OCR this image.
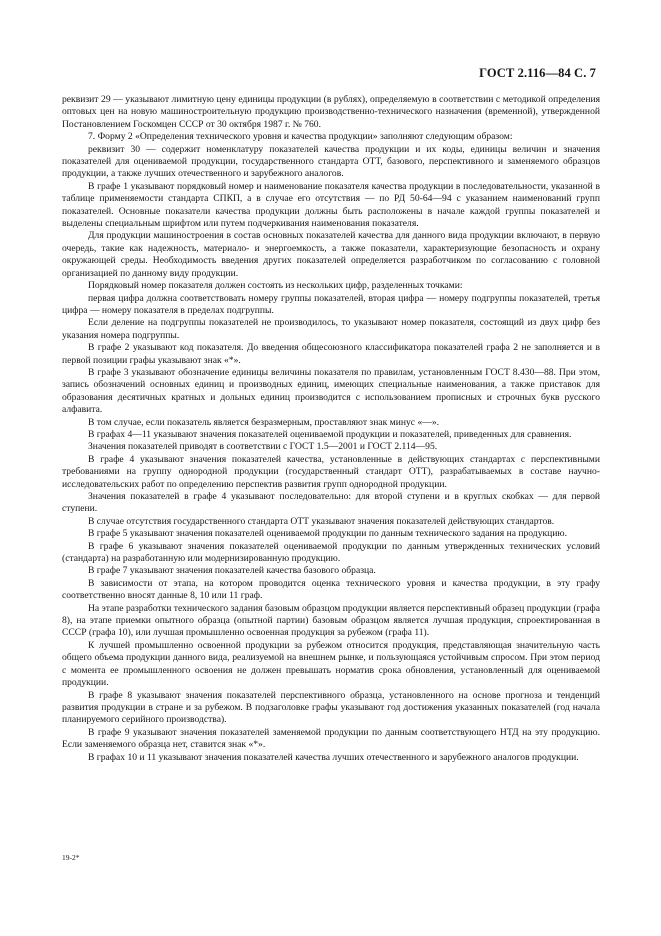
ГОСТ 2.116—84 С. 7

реквизит 29 — указывают лимитную цену единицы продукции (в рублях), определяемую в соответствии с методикой определения оптовых цен на новую машиностроительную продукцию производственно-технического назначения (временной), утвержденной Постановлением Госкомцен СССР от 30 октября 1987 г. № 760.

7. Форму 2 «Определения технического уровня и качества продукции» заполняют следующим образом:

реквизит 30 — содержит номенклатуру показателей качества продукции и их коды, единицы величин и значения показателей для оцениваемой продукции, государственного стандарта ОТТ, базового, перспективного и заменяемого образцов продукции, а также лучших отечественного и зарубежного аналогов.

В графе 1 указывают порядковый номер и наименование показателя качества продукции в последовательности, указанной в таблице применяемости стандарта СПКП, а в случае его отсутствия — по РД 50-64—94 с указанием наименований групп показателей. Основные показатели качества продукции должны быть расположены в начале каждой группы показателей и выделены специальным шрифтом или путем подчеркивания наименования показателя.

Для продукции машиностроения в состав основных показателей качества для данного вида продукции включают, в первую очередь, такие как надежность, материало- и энергоемкость, а также показатели, характеризующие безопасность и охрану окружающей среды. Необходимость введения других показателей определяется разработчиком по согласованию с головной организацией по данному виду продукции.

Порядковый номер показателя должен состоять из нескольких цифр, разделенных точками:

первая цифра должна соответствовать номеру группы показателей, вторая цифра — номеру подгруппы показателей, третья цифра — номеру показателя в пределах подгруппы.

Если деление на подгруппы показателей не производилось, то указывают номер показателя, состоящий из двух цифр без указания номера подгруппы.

В графе 2 указывают код показателя. До введения общесоюзного классификатора показателей графа 2 не заполняется и в первой позиции графы указывают знак «*».

В графе 3 указывают обозначение единицы величины показателя по правилам, установленным ГОСТ 8.430—88. При этом, запись обозначений основных единиц и производных единиц, имеющих специальные наименования, а также приставок для образования десятичных кратных и дольных единиц производится с использованием прописных и строчных букв русского алфавита.

В том случае, если показатель является безразмерным, проставляют знак минус «—».

В графах 4—11 указывают значения показателей оцениваемой продукции и показателей, приведенных для сравнения.

Значения показателей приводят в соответствии с ГОСТ 1.5—2001 и ГОСТ 2.114—95.

В графе 4 указывают значения показателей качества, установленные в действующих стандартах с перспективными требованиями на группу однородной продукции (государственный стандарт ОТТ), разрабатываемых в составе научно-исследовательских работ по определению перспектив развития групп однородной продукции.

Значения показателей в графе 4 указывают последовательно: для второй ступени и в круглых скобках — для первой ступени.

В случае отсутствия государственного стандарта ОТТ указывают значения показателей действующих стандартов.

В графе 5 указывают значения показателей оцениваемой продукции по данным технического задания на продукцию.

В графе 6 указывают значения показателей оцениваемой продукции по данным утвержденных технических условий (стандарта) на разработанную или модернизированную продукцию.

В графе 7 указывают значения показателей качества базового образца.

В зависимости от этапа, на котором проводится оценка технического уровня и качества продукции, в эту графу соответственно вносят данные 8, 10 или 11 граф.

На этапе разработки технического задания базовым образцом продукции является перспективный образец продукции (графа 8), на этапе приемки опытного образца (опытной партии) базовым образцом является лучшая продукция, спроектированная в СССР (графа 10), или лучшая промышленно освоенная продукция за рубежом (графа 11).

К лучшей промышленно освоенной продукции за рубежом относится продукция, представляющая значительную часть общего объема продукции данного вида, реализуемой на внешнем рынке, и пользующаяся устойчивым спросом. При этом период с момента ее промышленного освоения не должен превышать норматив срока обновления, установленный для оцениваемой продукции.

В графе 8 указывают значения показателей перспективного образца, установленного на основе прогноза и тенденций развития продукции в стране и за рубежом. В подзаголовке графы указывают год достижения указанных показателей (год начала планируемого серийного производства).

В графе 9 указывают значения показателей заменяемой продукции по данным соответствующего НТД на эту продукцию. Если заменяемого образца нет, ставится знак «*».

В графах 10 и 11 указывают значения показателей качества лучших отечественного и зарубежного аналогов продукции.

19-2*
